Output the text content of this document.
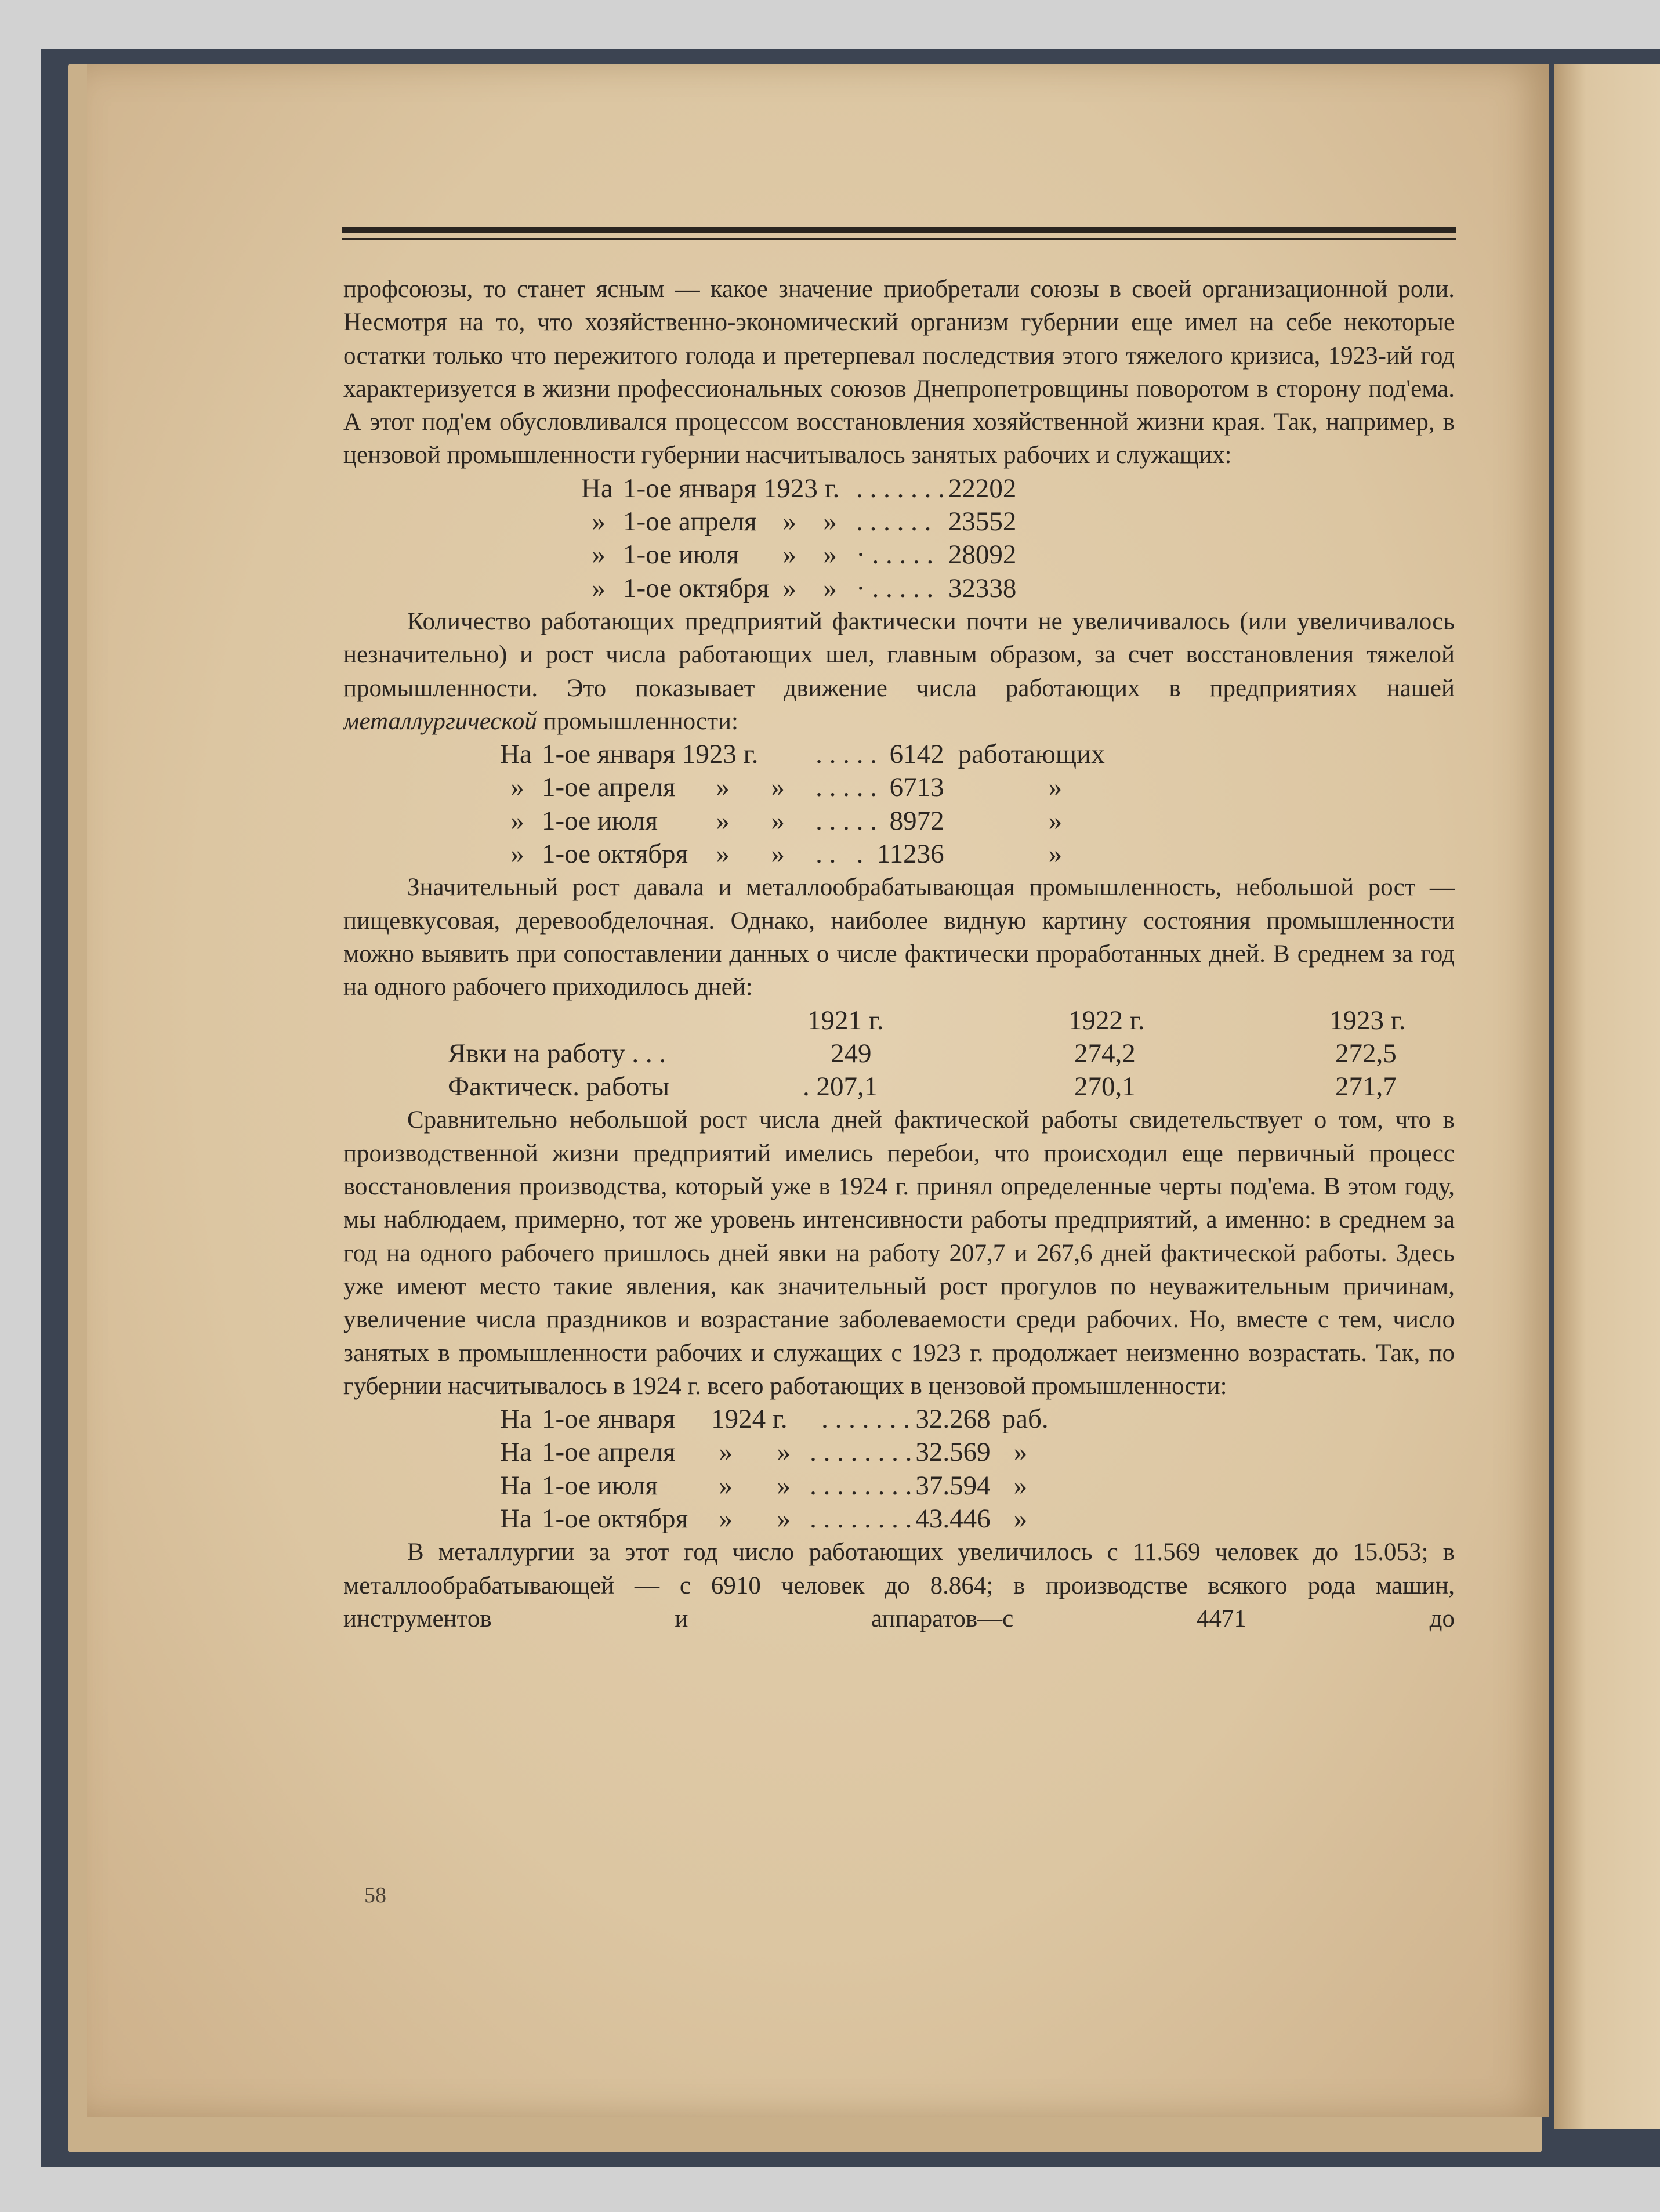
профсоюзы, то станет ясным — какое значение приобретали союзы в своей организационной роли. Несмотря на то, что хозяйственно-экономический организм губернии еще имел на себе некоторые остатки только что пережитого голода и претерпевал последствия этого тяжелого кризиса, 1923-ий год характеризуется в жизни профессиональных союзов Днепропетровщины поворотом в сторону под'ема. А этот под'ем обусловливался процессом восстановления хозяйственной жизни края. Так, например, в цензовой промышленности губернии насчитывалось занятых рабочих и служащих:

На	1-ое января 1923 г.			. . . . . . .	22202
»	1-ое апреля	»	»	. . . . . .	23552
»	1-ое июля	»	»	· . . . . .	28092
»	1-ое октября	»	»	· . . . . .	32338

Количество работающих предприятий фактически почти не увеличивалось (или увеличивалось незначительно) и рост числа работающих шел, главным образом, за счет восстановления тяжелой промышленности. Это показывает движение числа работающих в предприятиях нашей металлургической промышленности:

На	1-ое января 1923 г.			. . . . .	6142	работающих
»	1-ое апреля	»	»	. . . . .	6713	»
»	1-ое июля	»	»	. . . . .	8972	»
»	1-ое октября	»	»	. .   .	11236	»

Значительный рост давала и металлообрабатывающая промышленность, небольшой рост — пищевкусовая, деревообделочная. Однако, наиболее видную картину состояния промышленности можно выявить при сопоставлении данных о числе фактически проработанных дней. В среднем за год на одного рабочего приходилось дней:

	1921 г.	1922 г.	1923 г.
Явки на работу . . .	249	274,2	272,5
Фактическ. работы	. 207,1	270,1	271,7

Сравнительно небольшой рост числа дней фактической работы свидетельствует о том, что в производственной жизни предприятий имелись перебои, что происходил еще первичный процесс восстановления производства, который уже в 1924 г. принял определенные черты под'ема. В этом году, мы наблюдаем, примерно, тот же уровень интенсивности работы предприятий, а именно: в среднем за год на одного рабочего пришлось дней явки на работу 207,7 и 267,6 дней фактической работы. Здесь уже имеют место такие явления, как значительный рост прогулов по неуважительным причинам, увеличение числа праздников и возрастание заболеваемости среди рабочих. Но, вместе с тем, число занятых в промышленности рабочих и служащих с 1923 г. продолжает неизменно возрастать. Так, по губернии насчитывалось в 1924 г. всего работающих в цензовой промышленности:

На	1-ое января	1924 г.		. . . . . . .	32.268	раб.
На	1-ое апреля	»	»	. . . . . . . .	32.569	»
На	1-ое июля	»	»	. . . . . . . .	37.594	»
На	1-ое октября	»	»	. . . . . . . .	43.446	»

В металлургии за этот год число работающих увеличилось с 11.569 человек до 15.053; в металлообрабатывающей — с 6910 человек до 8.864; в производстве всякого рода машин, инструментов и аппаратов—с 4471 до

58
